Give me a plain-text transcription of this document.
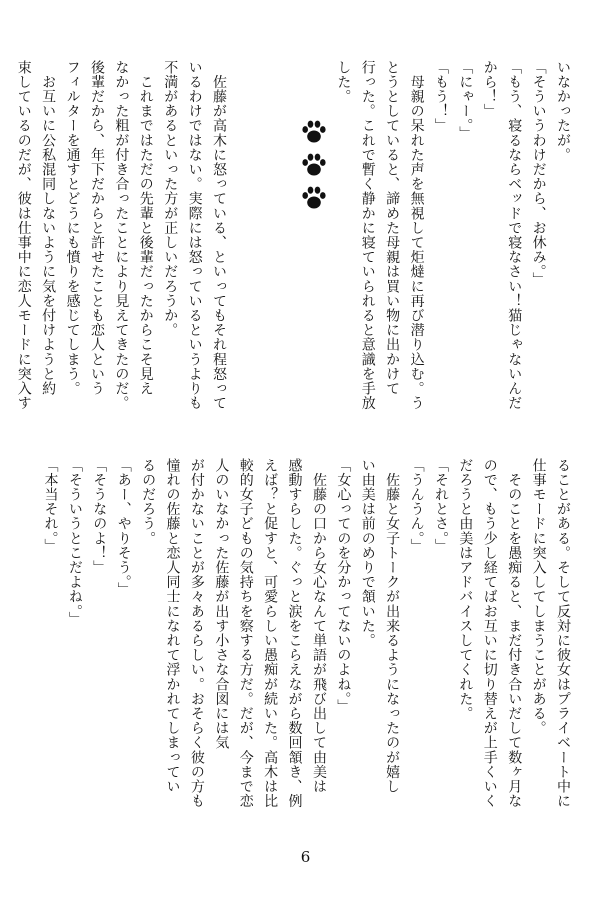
いなかったが。
「そういうわけだから、お休み。」
「もう、寝るならベッドで寝なさい！猫じゃないんだ
から！」
「にゃー。」
「もう！」
　母親の呆れた声を無視して炬燵に再び潜り込む。う
とうとしていると、諦めた母親は買い物に出かけて
行った。これで暫く静かに寝ていられると意識を手放
した。
　佐藤が高木に怒っている、といってもそれ程怒って
いるわけではない。実際には怒っているというよりも
不満があるといった方が正しいだろうか。
　これまではただの先輩と後輩だったからこそ見え
なかった粗が付き合ったことにより見えてきたのだ。
後輩だから、年下だからと許せたことも恋人という
フィルターを通すとどうにも憤りを感じてしまう。
　お互いに公私混同しないように気を付けようと約
束しているのだが、彼は仕事中に恋人モードに突入す
ることがある。そして反対に彼女はプライベート中に
仕事モードに突入してしまうことがある。
　そのことを愚痴ると、まだ付き合いだして数ヶ月な
ので、もう少し経てばお互いに切り替えが上手くいく
だろうと由美はアドバイスしてくれた。
「それとさ。」
「うんうん。」
　佐藤と女子トークが出来るようになったのが嬉し
い由美は前のめりで頷いた。
「女心ってのを分かってないのよね。」
　佐藤の口から女心なんて単語が飛び出して由美は
感動すらした。ぐっと涙をこらえながら数回頷き、例
えば？と促すと、可愛らしい愚痴が続いた。高木は比
較的女子どもの気持ちを察する方だ。だが、今まで恋
人のいなかった佐藤が出す小さな合図には気
が付かないことが多々あるらしい。おそらく彼の方も
憧れの佐藤と恋人同士になれて浮かれてしまってい
るのだろう。
「あー、やりそう。」
「そうなのよ！」
「そういうとこだよね。」
「本当それ。」
6
